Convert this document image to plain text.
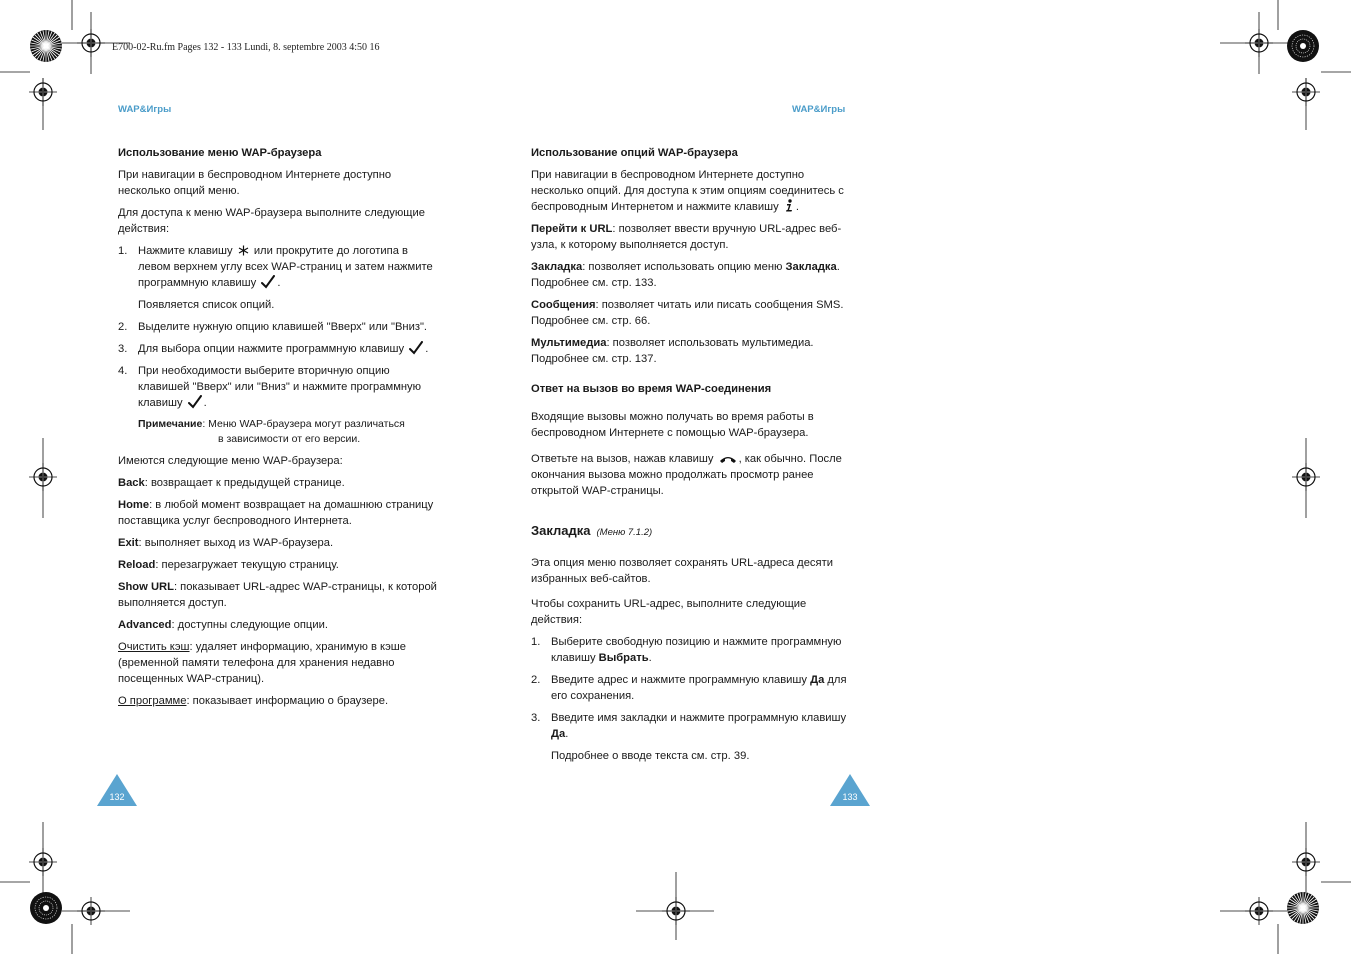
E700-02-Ru.fm Pages 132 - 133 Lundi, 8. septembre 2003 4:50 16
WAP&Игры	WAP&Игры
Использование меню WAP-браузера

При навигации в беспроводном Интернете доступно несколько опций меню.

Для доступа к меню WAP-браузера выполните следующие действия:

1. Нажмите клавишу или прокрутите до логотипа в левом верхнем углу всех WAP-страниц и затем нажмите программную клавишу .
Появляется список опций.
2. Выделите нужную опцию клавишей "Вверх" или "Вниз".
3. Для выбора опции нажмите программную клавишу .
4. При необходимости выберите вторичную опцию клавишей "Вверх" или "Вниз" и нажмите программную клавишу .
Примечание: Меню WAP-браузера могут различаться
в зависимости от его версии.

Имеются следующие меню WAP-браузера:

Back: возвращает к предыдущей странице.

Home: в любой момент возвращает на домашнюю страницу поставщика услуг беспроводного Интернета.

Exit: выполняет выход из WAP-браузера.

Reload: перезагружает текущую страницу.

Show URL: показывает URL-адрес WAP-страницы, к которой выполняется доступ.

Advanced: доступны следующие опции.

Очистить кэш: удаляет информацию, хранимую в кэше (временной памяти телефона для хранения недавно посещенных WAP-страниц).

О программе: показывает информацию о браузере.

132
Использование опций WAP-браузера

При навигации в беспроводном Интернете доступно несколько опций. Для доступа к этим опциям соединитесь с беспроводным Интернетом и нажмите клавишу .

Перейти к URL: позволяет ввести вручную URL-адрес веб-узла, к которому выполняется доступ.

Закладка: позволяет использовать опцию меню Закладка. Подробнее см. стр. 133.

Сообщения: позволяет читать или писать сообщения SMS. Подробнее см. стр. 66.

Мультимедиа: позволяет использовать мультимедиа. Подробнее см. стр. 137.

Ответ на вызов во время WAP-соединения

Входящие вызовы можно получать во время работы в беспроводном Интернете с помощью WAP-браузера.

Ответьте на вызов, нажав клавишу , как обычно. После окончания вызова можно продолжать просмотр ранее открытой WAP-страницы.

Закладка (Меню 7.1.2)

Эта опция меню позволяет сохранять URL-адреса десяти избранных веб-сайтов.

Чтобы сохранить URL-адрес, выполните следующие действия:

1. Выберите свободную позицию и нажмите программную клавишу Выбрать.
2. Введите адрес и нажмите программную клавишу Да для его сохранения.
3. Введите имя закладки и нажмите программную клавишу Да.
Подробнее о вводе текста см. стр. 39.
133
